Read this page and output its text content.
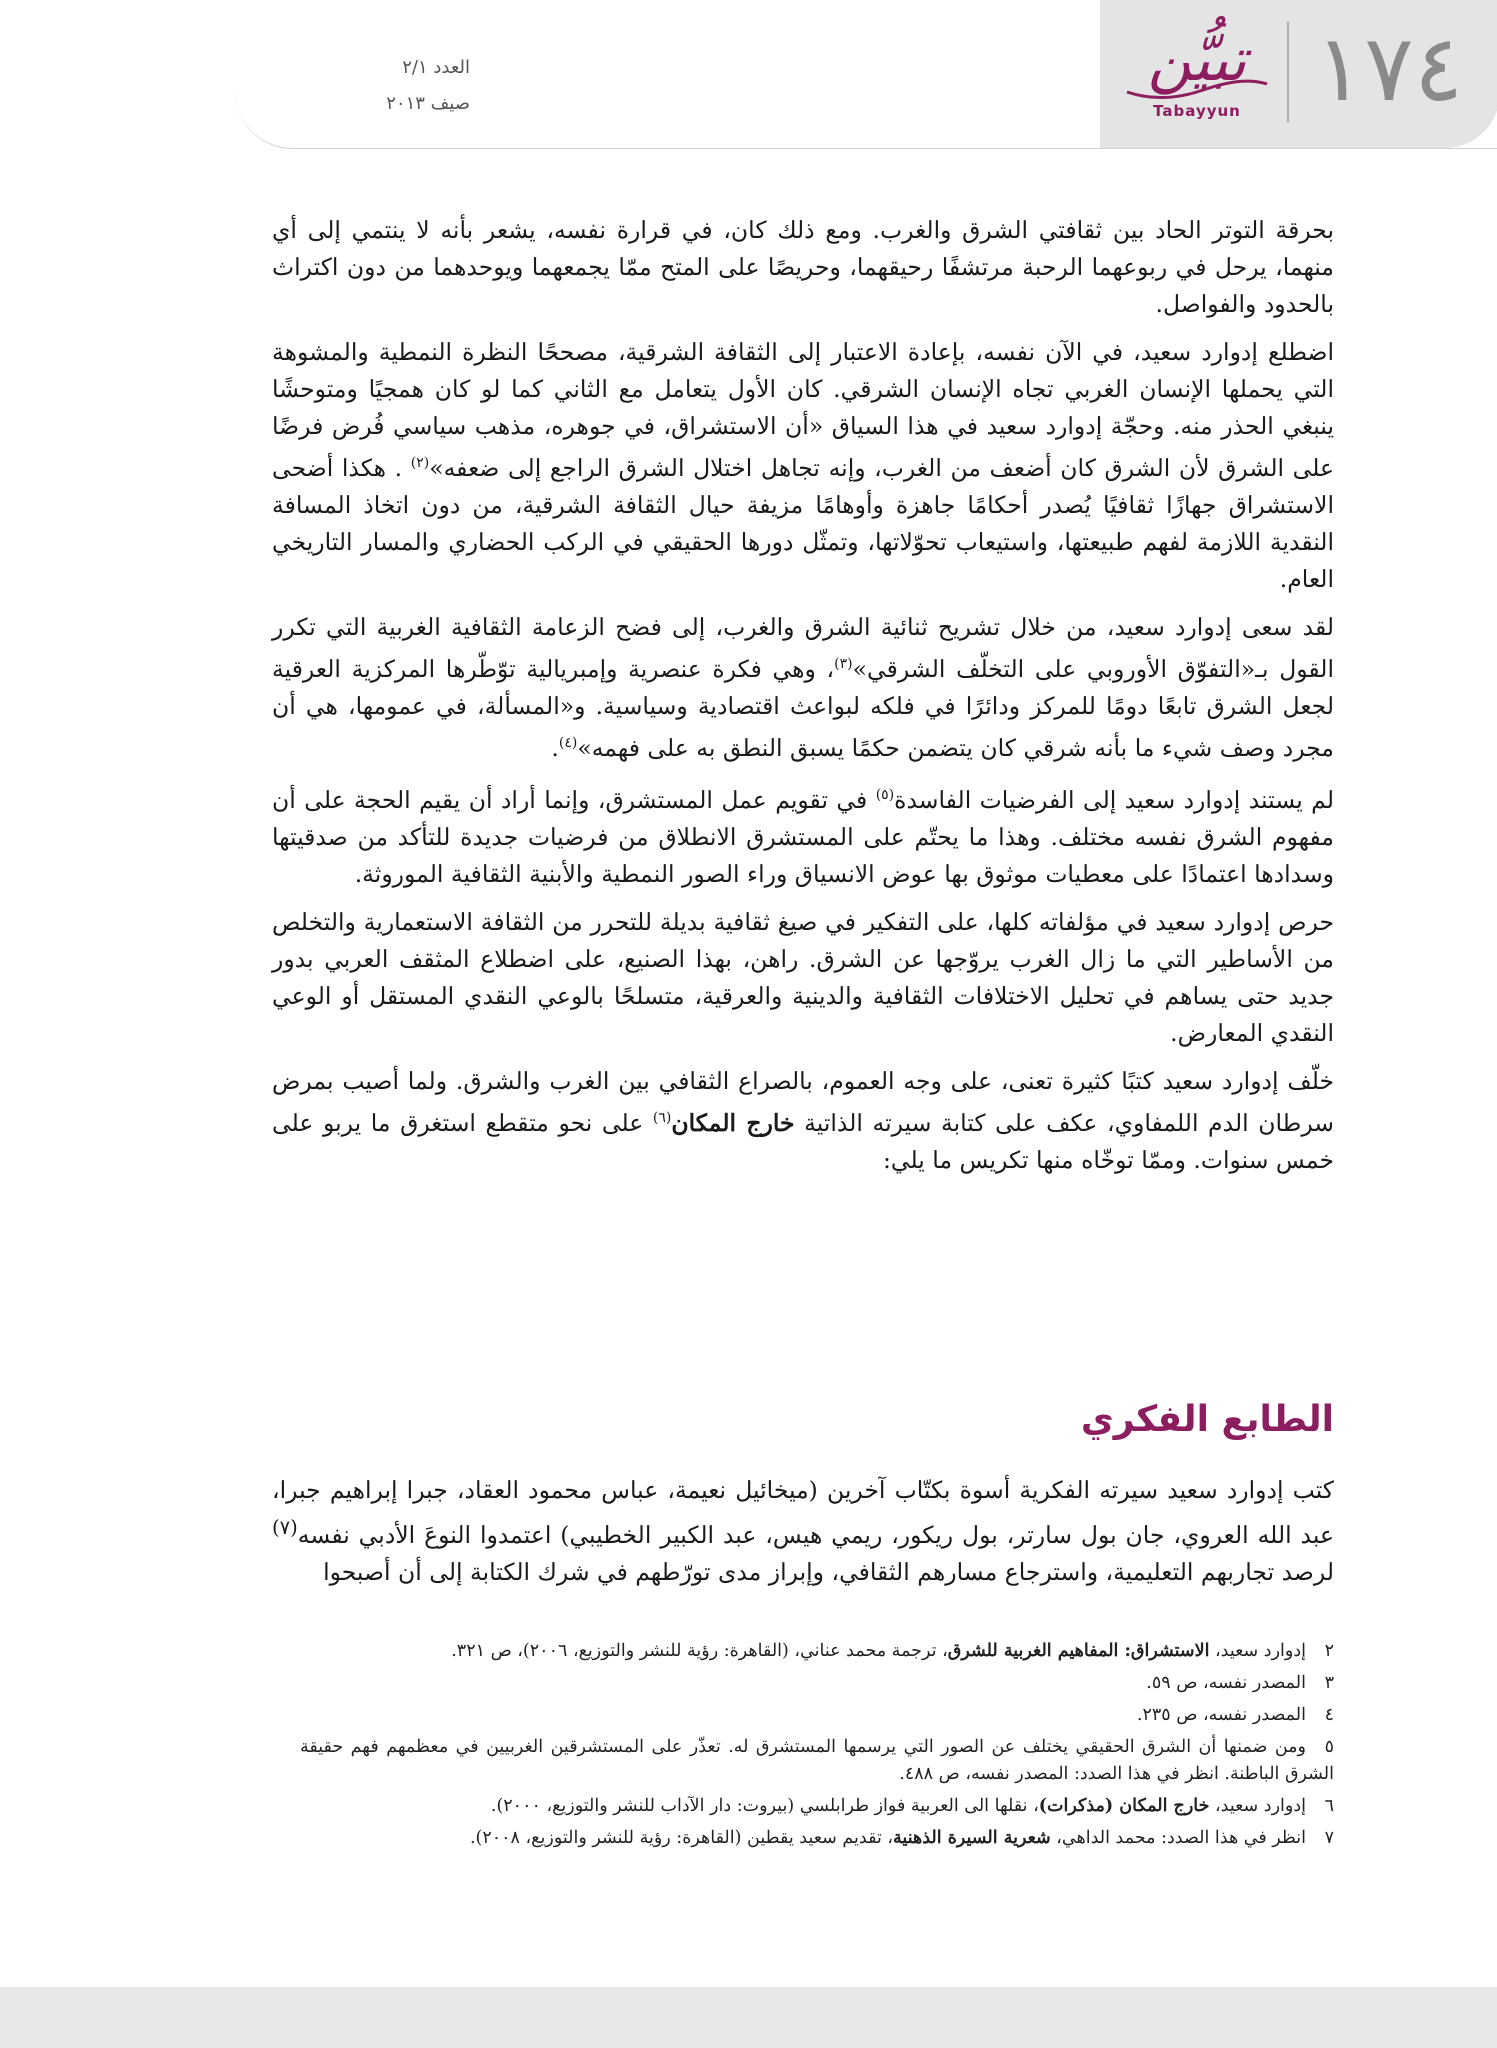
العدد ٢/١
صيف ٢٠١٣
تبيُّن
Tabayyun ١٧٤

بحرقة التوتر الحاد بين ثقافتي الشرق والغرب. ومع ذلك كان، في قرارة نفسه، يشعر بأنه لا ينتمي إلى أي منهما، يرحل في ربوعهما الرحبة مرتشفًا رحيقهما، وحريصًا على المتح ممّا يجمعهما ويوحدهما من دون اكتراث بالحدود والفواصل.

اضطلع إدوارد سعيد، في الآن نفسه، بإعادة الاعتبار إلى الثقافة الشرقية، مصححًا النظرة النمطية والمشوهة التي يحملها الإنسان الغربي تجاه الإنسان الشرقي. كان الأول يتعامل مع الثاني كما لو كان همجيًا ومتوحشًا ينبغي الحذر منه. وحجّة إدوارد سعيد في هذا السياق «أن الاستشراق، في جوهره، مذهب سياسي فُرض فرضًا على الشرق لأن الشرق كان أضعف من الغرب، وإنه تجاهل اختلال الشرق الراجع إلى ضعفه»$^{(٢)}$ . هكذا أضحى الاستشراق جهازًا ثقافيًا يُصدر أحكامًا جاهزة وأوهامًا مزيفة حيال الثقافة الشرقية، من دون اتخاذ المسافة النقدية اللازمة لفهم طبيعتها، واستيعاب تحوّلاتها، وتمثّل دورها الحقيقي في الركب الحضاري والمسار التاريخي العام.

لقد سعى إدوارد سعيد، من خلال تشريح ثنائية الشرق والغرب، إلى فضح الزعامة الثقافية الغربية التي تكرر القول بـ«التفوّق الأوروبي على التخلّف الشرقي»$^{(٣)}$، وهي فكرة عنصرية وإمبريالية توّطّرها المركزية العرقية لجعل الشرق تابعًا دومًا للمركز ودائرًا في فلكه لبواعث اقتصادية وسياسية. و«المسألة، في عمومها، هي أن مجرد وصف شيء ما بأنه شرقي كان يتضمن حكمًا يسبق النطق به على فهمه»$^{(٤)}$.

لم يستند إدوارد سعيد إلى الفرضيات الفاسدة$^{(٥)}$ في تقويم عمل المستشرق، وإنما أراد أن يقيم الحجة على أن مفهوم الشرق نفسه مختلف. وهذا ما يحتّم على المستشرق الانطلاق من فرضيات جديدة للتأكد من صدقيتها وسدادها اعتمادًا على معطيات موثوق بها عوض الانسياق وراء الصور النمطية والأبنية الثقافية الموروثة.

حرص إدوارد سعيد في مؤلفاته كلها، على التفكير في صيغ ثقافية بديلة للتحرر من الثقافة الاستعمارية والتخلص من الأساطير التي ما زال الغرب يروّجها عن الشرق. راهن، بهذا الصنيع، على اضطلاع المثقف العربي بدور جديد حتى يساهم في تحليل الاختلافات الثقافية والدينية والعرقية، متسلحًا بالوعي النقدي المستقل أو الوعي النقدي المعارض.

خلّف إدوارد سعيد كتبًا كثيرة تعنى، على وجه العموم، بالصراع الثقافي بين الغرب والشرق. ولما أصيب بمرض سرطان الدم اللمفاوي، عكف على كتابة سيرته الذاتية خارج المكان$^{(٦)}$ على نحو متقطع استغرق ما يربو على خمس سنوات. وممّا توخّاه منها تكريس ما يلي:

الطابع الفكري

كتب إدوارد سعيد سيرته الفكرية أسوة بكتّاب آخرين (ميخائيل نعيمة، عباس محمود العقاد، جبرا إبراهيم جبرا، عبد الله العروي، جان بول سارتر، بول ريكور، ريمي هيس، عبد الكبير الخطيبي) اعتمدوا النوعَ الأدبي نفسه$^{(٧)}$ لرصد تجاربهم التعليمية، واسترجاع مسارهم الثقافي، وإبراز مدى تورّطهم في شرك الكتابة إلى أن أصبحوا

٢إدوارد سعيد، الاستشراق: المفاهيم الغربية للشرق، ترجمة محمد عناني، (القاهرة: رؤية للنشر والتوزيع، ٢٠٠٦)، ص ٣٢١.
٣المصدر نفسه، ص ٥٩.
٤المصدر نفسه، ص ٢٣٥.
٥ومن ضمنها أن الشرق الحقيقي يختلف عن الصور التي يرسمها المستشرق له. تعذّر على المستشرقين الغربيين في معظمهم فهم حقيقة الشرق الباطنة. انظر في هذا الصدد: المصدر نفسه، ص ٤٨٨.
٦إدوارد سعيد، خارج المكان (مذكرات)، نقلها الى العربية فواز طرابلسي (بيروت: دار الآداب للنشر والتوزيع، ٢٠٠٠).
٧انظر في هذا الصدد: محمد الداهي، شعرية السيرة الذهنية، تقديم سعيد يقطين (القاهرة: رؤية للنشر والتوزيع، ٢٠٠٨).
